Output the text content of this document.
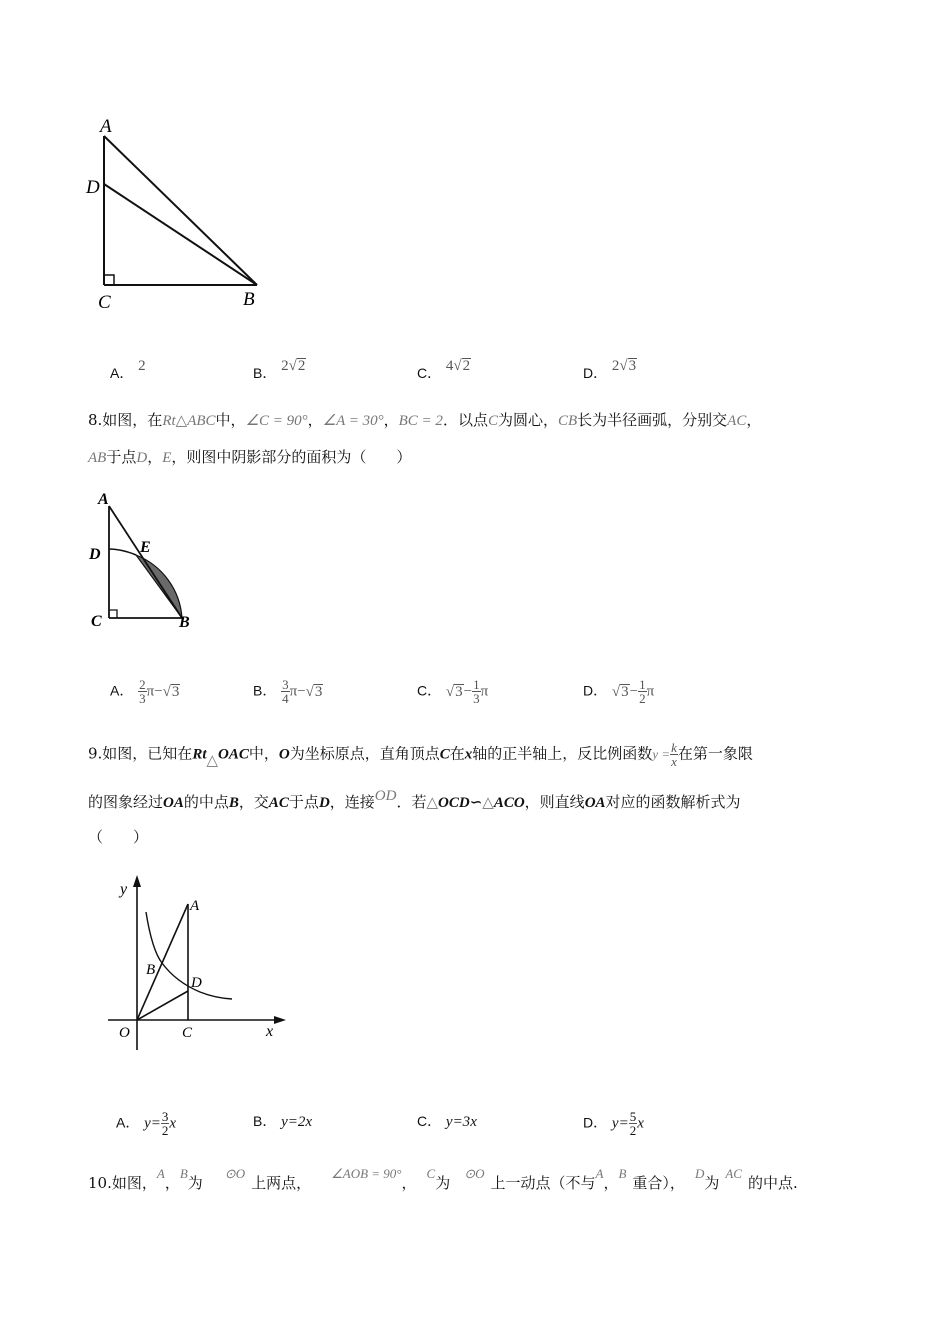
A
D
C	B
A． 2	B． 2√2	C． 4√2	D． 2√3
8.如图，在Rt△ABC中，∠C = 90°，∠A = 30°，BC = 2．以点C为圆心，CB长为半径画弧，分别交AC，
AB于点D，E，则图中阴影部分的面积为（　　）
A
D E
C	B
A． $\frac{2}{3} \pi-√3$	B． $\frac{3}{4} \pi-√3$	C． $√3- \frac{1}{3}$ π	D． $√3- \frac{1}{2}$ π
9.如图，已知在Rt△OAC中，O为坐标原点，直角顶点C在x轴的正半轴上，反比例函数$y = \frac{k}{x}$ 在第一象限
的图象经过OA的中点B，交AC于点D，连接OD．若△OCD∽△ACO，则直线OA对应的函数解析式为
（　　）
y
A
B
D
O	C	x
A． $y= \frac{3}{2}$ x	B． y=2x	C． y=3x	D． $y= \frac{5}{2}$ x
10.如图，A，B为⊙O上两点，∠AOB = 90°，C为⊙O上一动点（不与A，B重合），D为AC的中点.
